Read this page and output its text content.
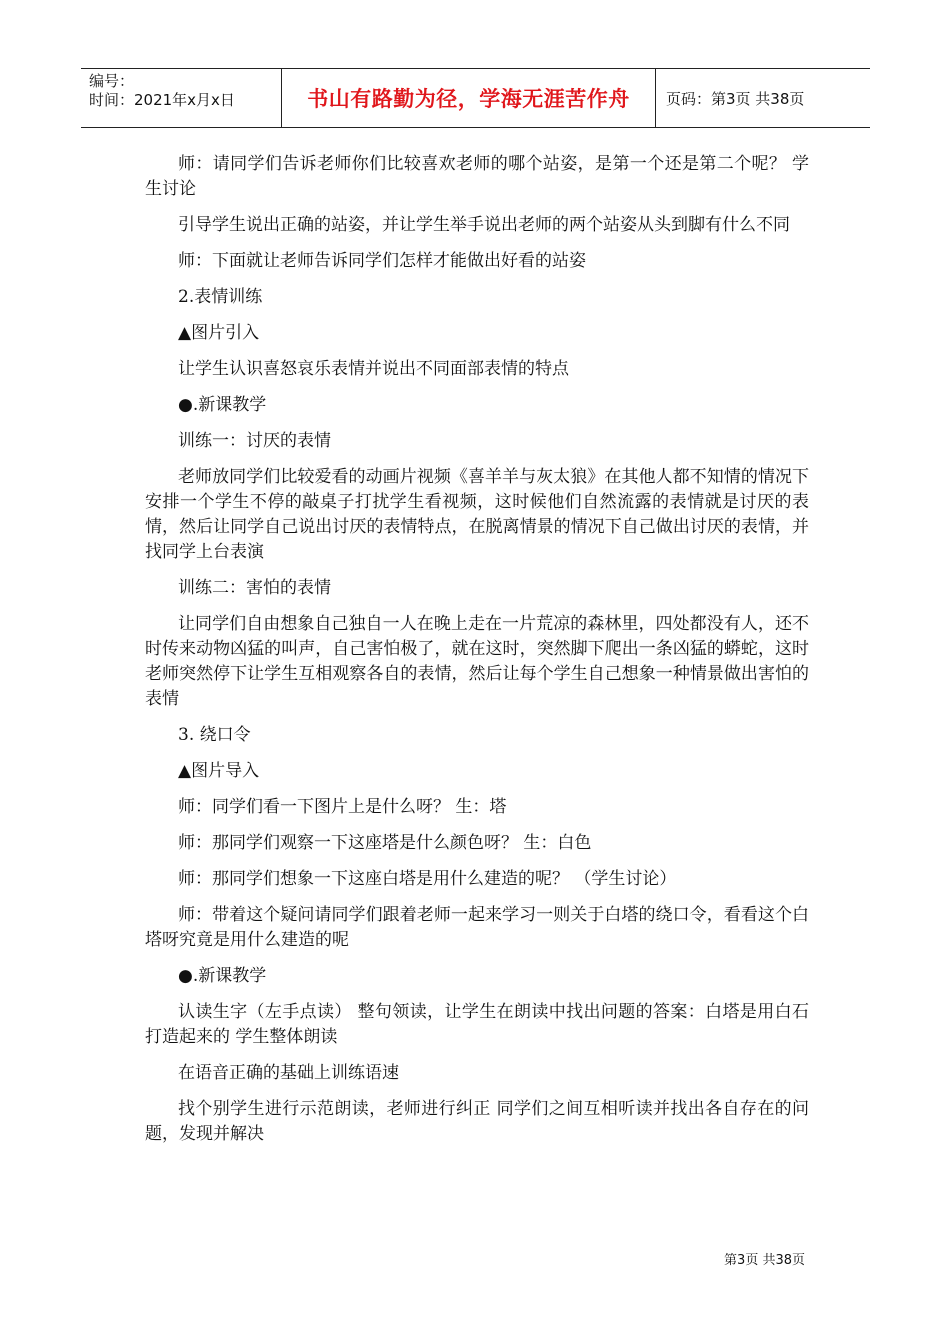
编号：
时间：2021年x月x日	书山有路勤为径，学海无涯苦作舟	页码：第3页 共38页

师：请同学们告诉老师你们比较喜欢老师的哪个站姿，是第一个还是第二个呢？ 学生讨论

引导学生说出正确的站姿，并让学生举手说出老师的两个站姿从头到脚有什么不同

师：下面就让老师告诉同学们怎样才能做出好看的站姿

2.表情训练

▲图片引入

让学生认识喜怒哀乐表情并说出不同面部表情的特点

●.新课教学

训练一：讨厌的表情

老师放同学们比较爱看的动画片视频《喜羊羊与灰太狼》在其他人都不知情的情况下安排一个学生不停的敲桌子打扰学生看视频，这时候他们自然流露的表情就是讨厌的表情，然后让同学自己说出讨厌的表情特点，在脱离情景的情况下自己做出讨厌的表情，并找同学上台表演

训练二：害怕的表情

让同学们自由想象自己独自一人在晚上走在一片荒凉的森林里，四处都没有人，还不时传来动物凶猛的叫声，自己害怕极了，就在这时，突然脚下爬出一条凶猛的蟒蛇，这时老师突然停下让学生互相观察各自的表情，然后让每个学生自己想象一种情景做出害怕的表情

3. 绕口令

▲图片导入

师：同学们看一下图片上是什么呀？ 生：塔

师：那同学们观察一下这座塔是什么颜色呀？ 生：白色

师：那同学们想象一下这座白塔是用什么建造的呢？ （学生讨论）

师：带着这个疑问请同学们跟着老师一起来学习一则关于白塔的绕口令，看看这个白塔呀究竟是用什么建造的呢

●.新课教学

认读生字（左手点读） 整句领读，让学生在朗读中找出问题的答案：白塔是用白石打造起来的 学生整体朗读

在语音正确的基础上训练语速

找个别学生进行示范朗读，老师进行纠正 同学们之间互相听读并找出各自存在的问题，发现并解决

第3页 共38页
